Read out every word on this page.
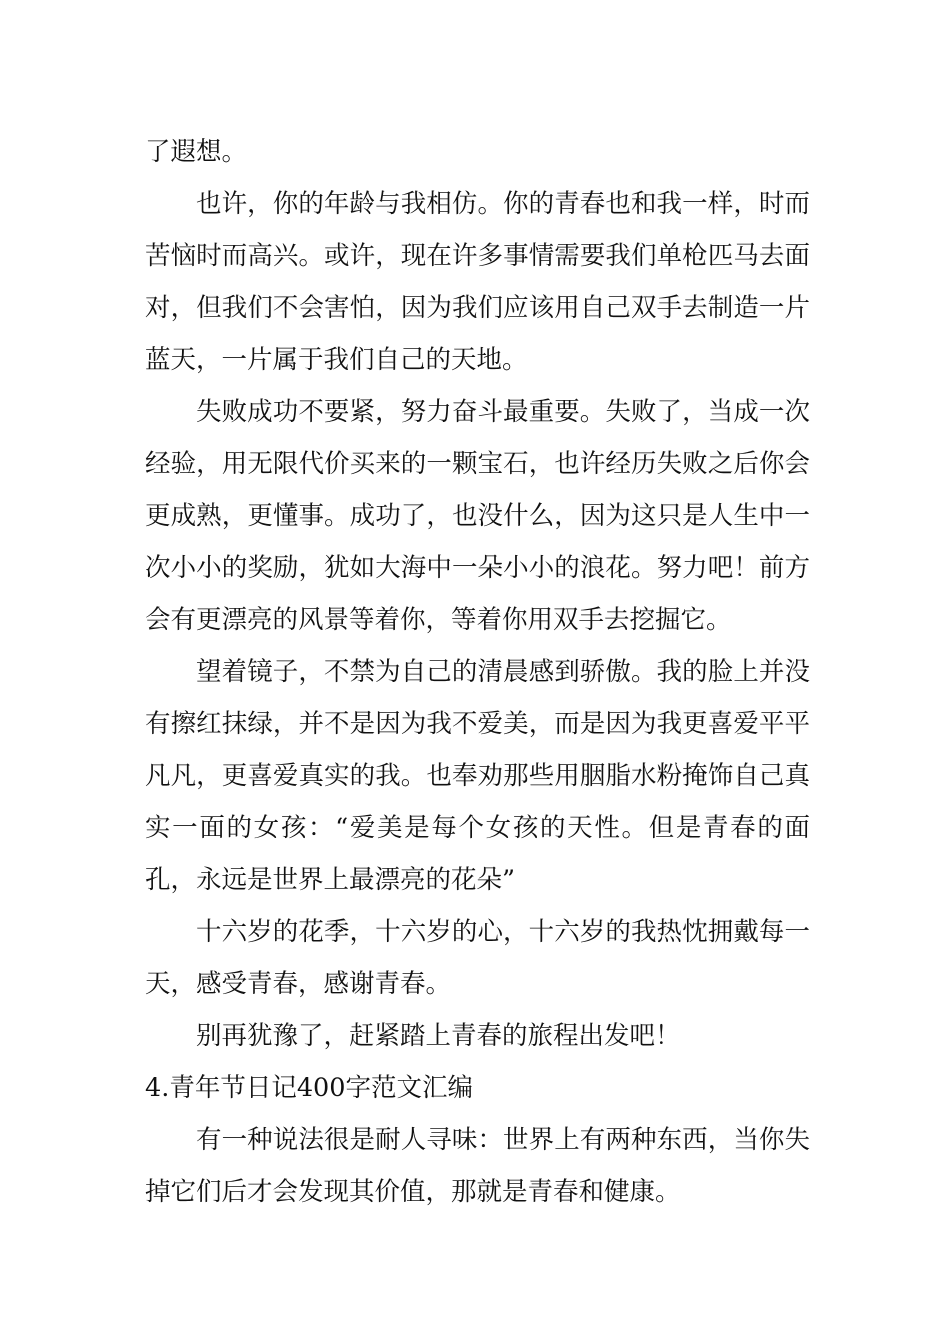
了遐想。

也许，你的年龄与我相仿。你的青春也和我一样，时而苦恼时而高兴。或许，现在许多事情需要我们单枪匹马去面对，但我们不会害怕，因为我们应该用自己双手去制造一片蓝天，一片属于我们自己的天地。

失败成功不要紧，努力奋斗最重要。失败了，当成一次经验，用无限代价买来的一颗宝石，也许经历失败之后你会更成熟，更懂事。成功了，也没什么，因为这只是人生中一次小小的奖励，犹如大海中一朵小小的浪花。努力吧！前方会有更漂亮的风景等着你，等着你用双手去挖掘它。

望着镜子，不禁为自己的清晨感到骄傲。我的脸上并没有擦红抹绿，并不是因为我不爱美，而是因为我更喜爱平平凡凡，更喜爱真实的我。也奉劝那些用胭脂水粉掩饰自己真实一面的女孩：“爱美是每个女孩的天性。但是青春的面孔，永远是世界上最漂亮的花朵”

十六岁的花季，十六岁的心，十六岁的我热忱拥戴每一天，感受青春，感谢青春。

别再犹豫了，赶紧踏上青春的旅程出发吧！

4.青年节日记400字范文汇编

有一种说法很是耐人寻味：世界上有两种东西，当你失掉它们后才会发现其价值，那就是青春和健康。
